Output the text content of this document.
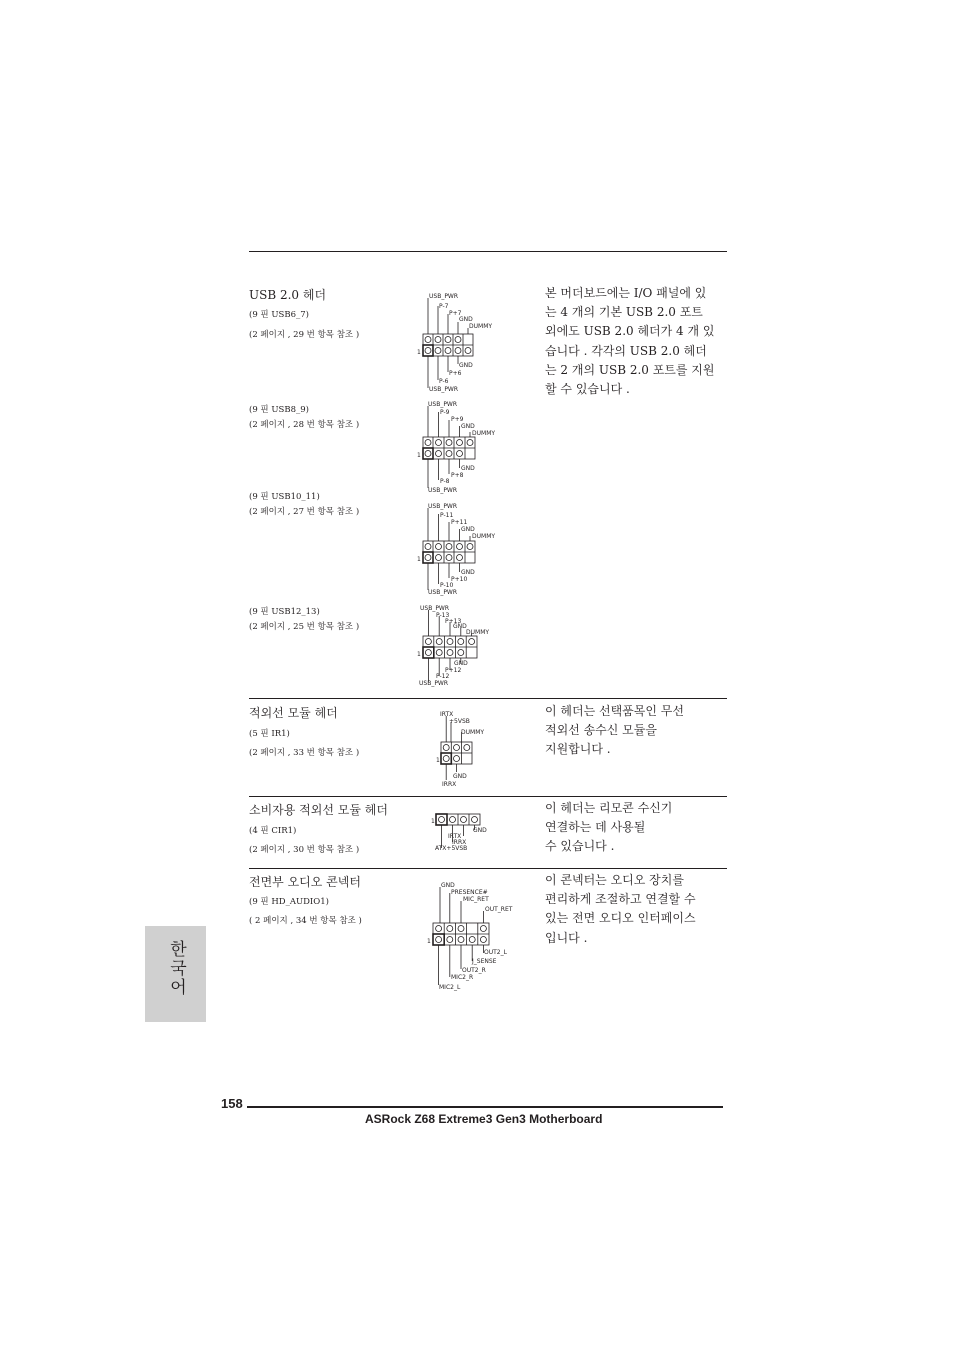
USB 2.0 헤더
(9 핀 USB6_7)
(2 페이지 , 29 번 항목 참조 )
본 머더보드에는 I/O 패널에 있
는 4 개의 기본 USB 2.0 포트
외에도 USB 2.0 헤더가 4 개 있
습니다 . 각각의 USB 2.0 헤더
는 2 개의 USB 2.0 포트를 지원
할 수 있습니다 .
USB_PWR
P-7
P+7
GND
DUMMY
GND
P+6
P-6
USB_PWR
1
(9 핀 USB8_9)
(2 페이지 , 28 번 항목 참조 )
USB_PWR
P-9
P+9
GND
DUMMY
GND
P+8
P-8
USB_PWR
1
(9 핀 USB10_11)
(2 페이지 , 27 번 항목 참조 )
USB_PWR
P-11
P+11
GND
DUMMY
GND
P+10
P-10
USB_PWR
1
(9 핀 USB12_13)
(2 페이지 , 25 번 항목 참조 )
USB_PWR
P-13
P+13
GND
DUMMY
GND
P+12
P-12
USB_PWR
1
적외선 모듈 헤더
(5 핀 IR1)
(2 페이지 , 33 번 항목 참조 )
이 헤더는 선택품목인 무선
적외선 송수신 모듈을
지원합니다 .
IRTX
+5VSB
DUMMY
GND
IRRX
1
소비자용 적외선 모듈 헤더
(4 핀 CIR1)
(2 페이지 , 30 번 항목 참조 )
이 헤더는 리모콘 수신기
연결하는 데 사용될
수 있습니다 .
GND
IRTX
IRRX
ATX+5VSB
1
전면부 오디오 콘넥터
(9 핀 HD_AUDIO1)
( 2 페이지 , 34 번 항목 참조 )
이 콘넥터는 오디오 장치를
편리하게 조절하고 연결할 수
있는 전면 오디오 인터페이스
입니다 .
GND
PRESENCE#
MIC_RET
OUT_RET
OUT2_L
J_SENSE
OUT2_R
MIC2_R
MIC2_L
1
한국어
158
ASRock Z68 Extreme3 Gen3 Motherboard
